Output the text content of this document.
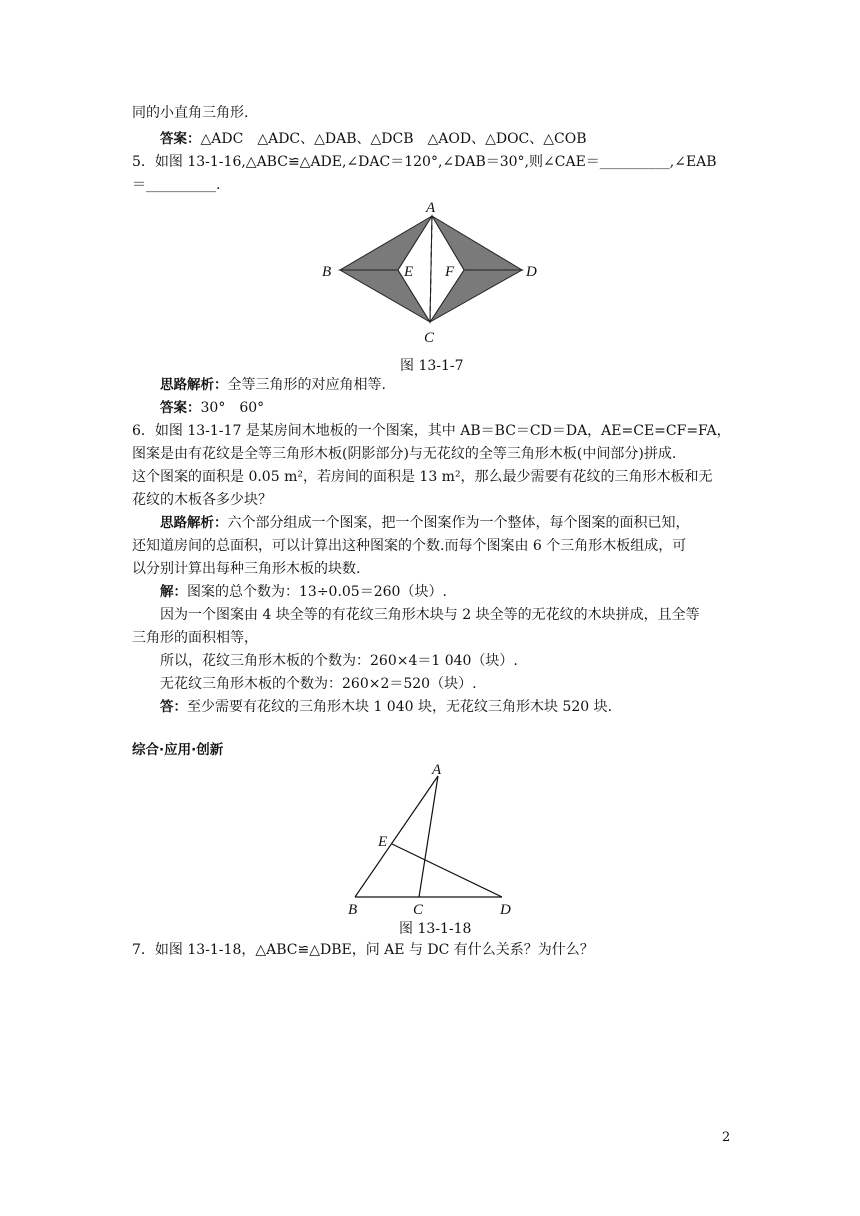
同的小直角三角形.
答案：△ADC　△ADC、△DAB、△DCB　△AOD、△DOC、△COB
5．如图 13-1-16,△ABC≌△ADE,∠DAC＝120°,∠DAB＝30°,则∠CAE＝__________,∠EAB
＝__________.
A
B
C
D
E F
图 13-1-7
思路解析：全等三角形的对应角相等.
答案：30°　60°
6．如图 13-1-17 是某房间木地板的一个图案，其中 AB＝BC＝CD＝DA，AE=CE=CF=FA，
图案是由有花纹是全等三角形木板(阴影部分)与无花纹的全等三角形木板(中间部分)拼成.
这个图案的面积是 0.05 m²，若房间的面积是 13 m²，那么最少需要有花纹的三角形木板和无
花纹的木板各多少块？
思路解析：六个部分组成一个图案，把一个图案作为一个整体，每个图案的面积已知，
还知道房间的总面积，可以计算出这种图案的个数.而每个图案由 6 个三角形木板组成，可
以分别计算出每种三角形木板的块数.
解：图案的总个数为：13÷0.05＝260（块）.
因为一个图案由 4 块全等的有花纹三角形木块与 2 块全等的无花纹的木块拼成，且全等
三角形的面积相等，
所以，花纹三角形木板的个数为：260×4＝1 040（块）.
无花纹三角形木板的个数为：260×2＝520（块）.
答：至少需要有花纹的三角形木块 1 040 块，无花纹三角形木块 520 块.
综合·应用·创新
A
B	C	D
E
图 13-1-18
7．如图 13-1-18，△ABC≌△DBE，问 AE 与 DC 有什么关系？为什么？
2
